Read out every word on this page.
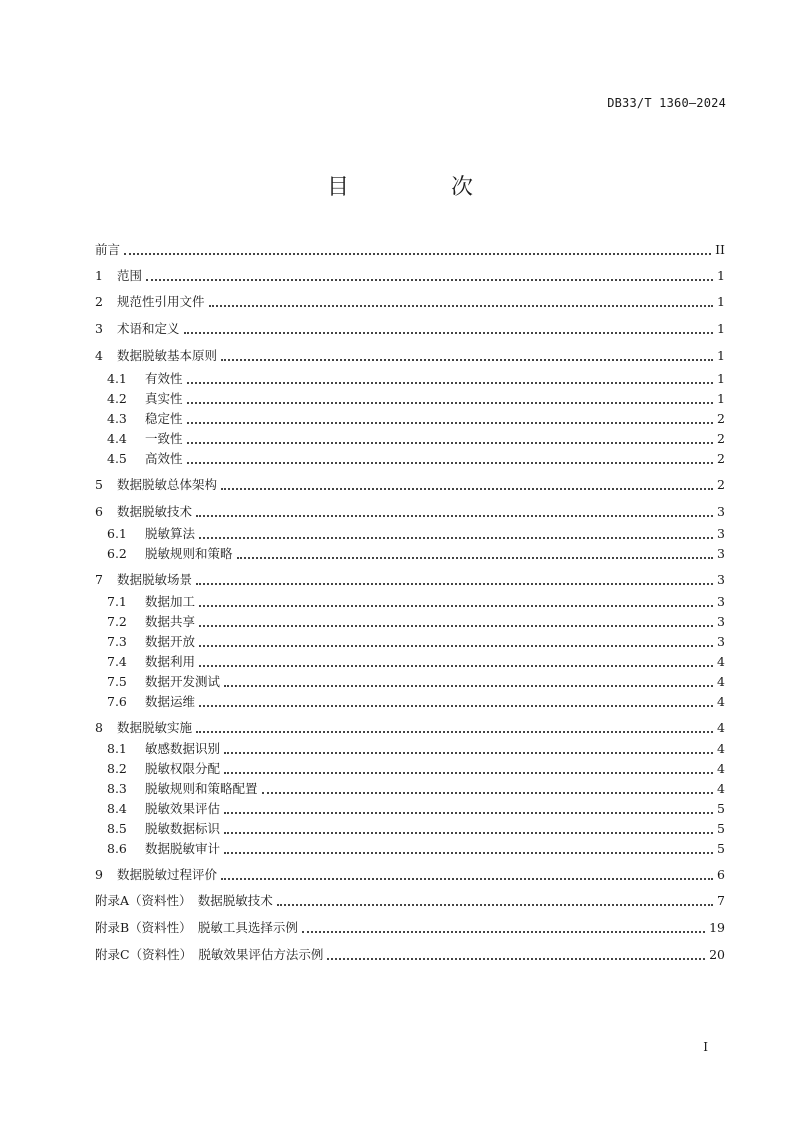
DB33/T 1360—2024
目　次
前言	II
1	范围	1
2	规范性引用文件	1
3	术语和定义	1
4	数据脱敏基本原则	1
4.1	有效性	1
4.2	真实性	1
4.3	稳定性	2
4.4	一致性	2
4.5	高效性	2
5	数据脱敏总体架构	2
6	数据脱敏技术	3
6.1	脱敏算法	3
6.2	脱敏规则和策略	3
7	数据脱敏场景	3
7.1	数据加工	3
7.2	数据共享	3
7.3	数据开放	3
7.4	数据利用	4
7.5	数据开发测试	4
7.6	数据运维	4
8	数据脱敏实施	4
8.1	敏感数据识别	4
8.2	脱敏权限分配	4
8.3	脱敏规则和策略配置	4
8.4	脱敏效果评估	5
8.5	脱敏数据标识	5
8.6	数据脱敏审计	5
9	数据脱敏过程评价	6
附录A（资料性）　数据脱敏技术	7
附录B（资料性）　脱敏工具选择示例	19
附录C（资料性）　脱敏效果评估方法示例	20
I
